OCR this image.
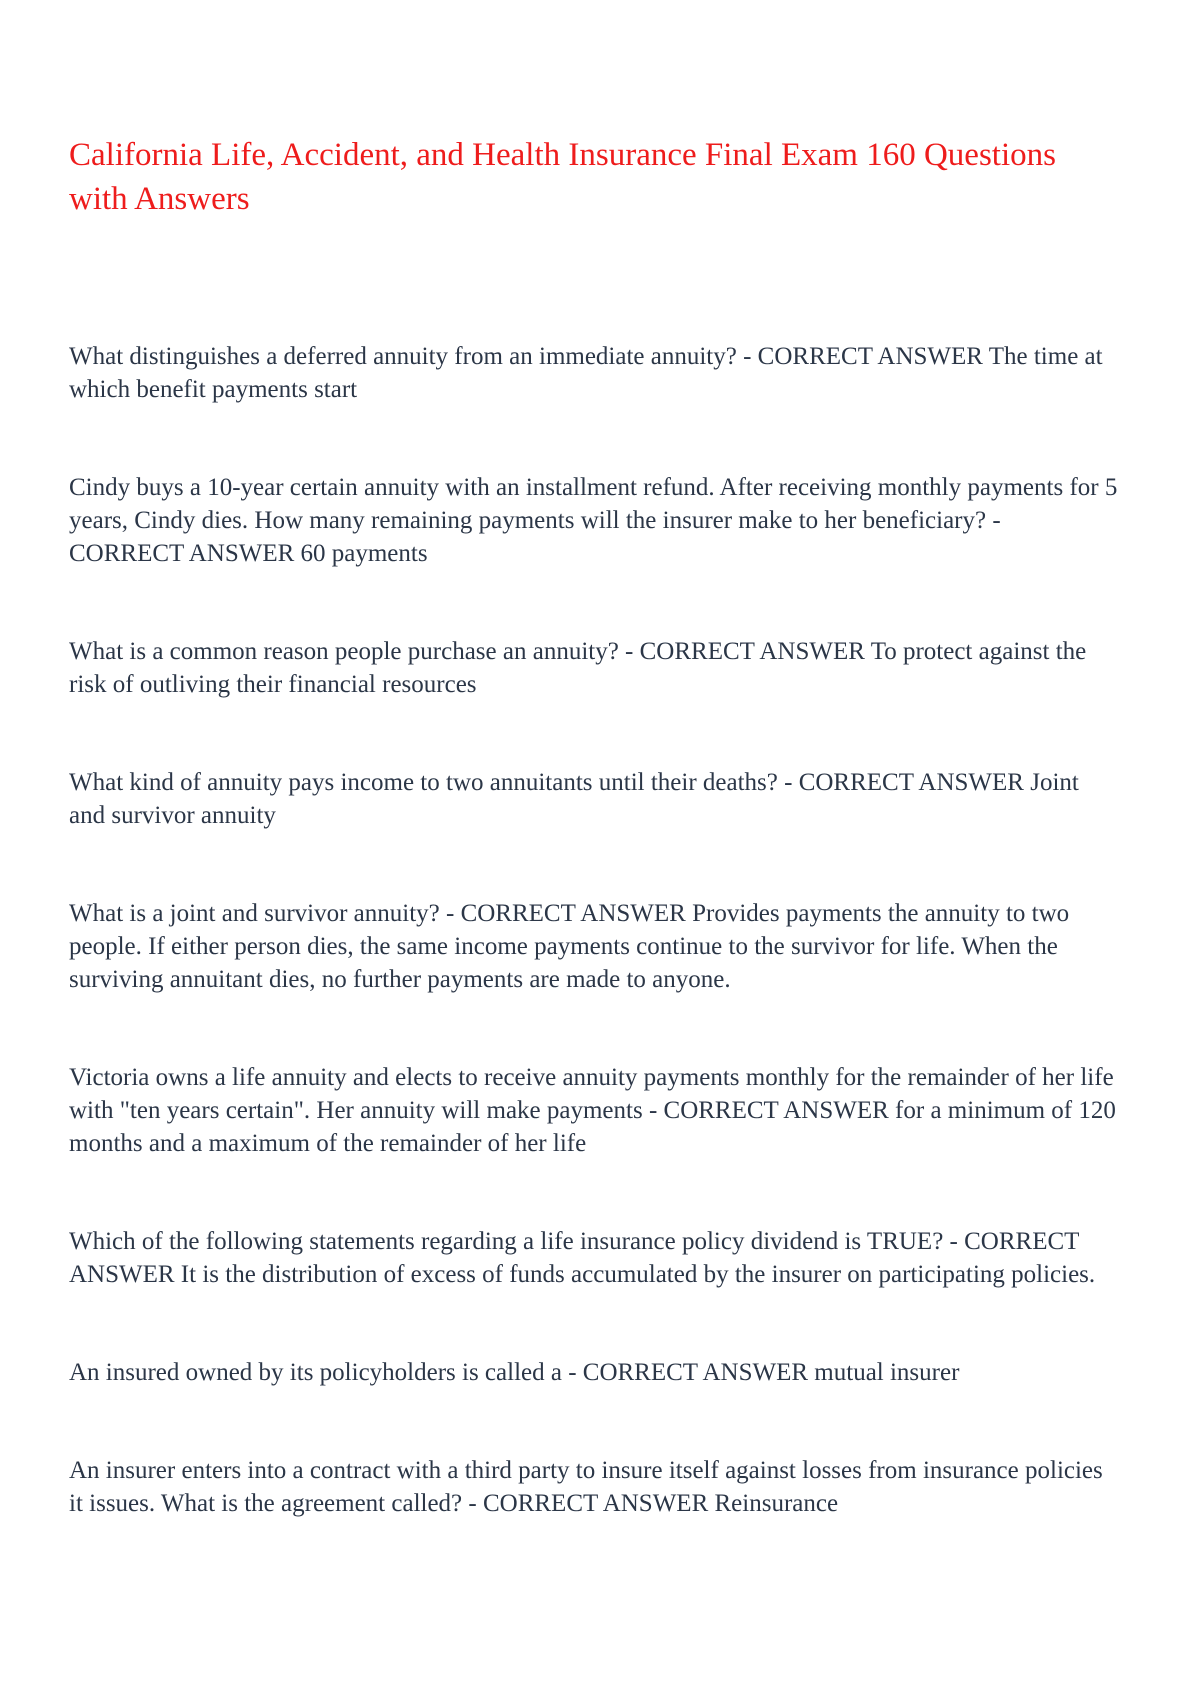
California Life, Accident, and Health Insurance Final Exam 160 Questions with Answers

What distinguishes a deferred annuity from an immediate annuity? - CORRECT ANSWER The time at which benefit payments start

Cindy buys a 10-year certain annuity with an installment refund. After receiving monthly payments for 5 years, Cindy dies. How many remaining payments will the insurer make to her beneficiary? - CORRECT ANSWER 60 payments

What is a common reason people purchase an annuity? - CORRECT ANSWER To protect against the risk of outliving their financial resources

What kind of annuity pays income to two annuitants until their deaths? - CORRECT ANSWER Joint and survivor annuity

What is a joint and survivor annuity? - CORRECT ANSWER Provides payments the annuity to two people. If either person dies, the same income payments continue to the survivor for life. When the surviving annuitant dies, no further payments are made to anyone.

Victoria owns a life annuity and elects to receive annuity payments monthly for the remainder of her life with "ten years certain". Her annuity will make payments - CORRECT ANSWER for a minimum of 120 months and a maximum of the remainder of her life

Which of the following statements regarding a life insurance policy dividend is TRUE? - CORRECT ANSWER It is the distribution of excess of funds accumulated by the insurer on participating policies.

An insured owned by its policyholders is called a - CORRECT ANSWER mutual insurer

An insurer enters into a contract with a third party to insure itself against losses from insurance policies it issues. What is the agreement called? - CORRECT ANSWER Reinsurance
